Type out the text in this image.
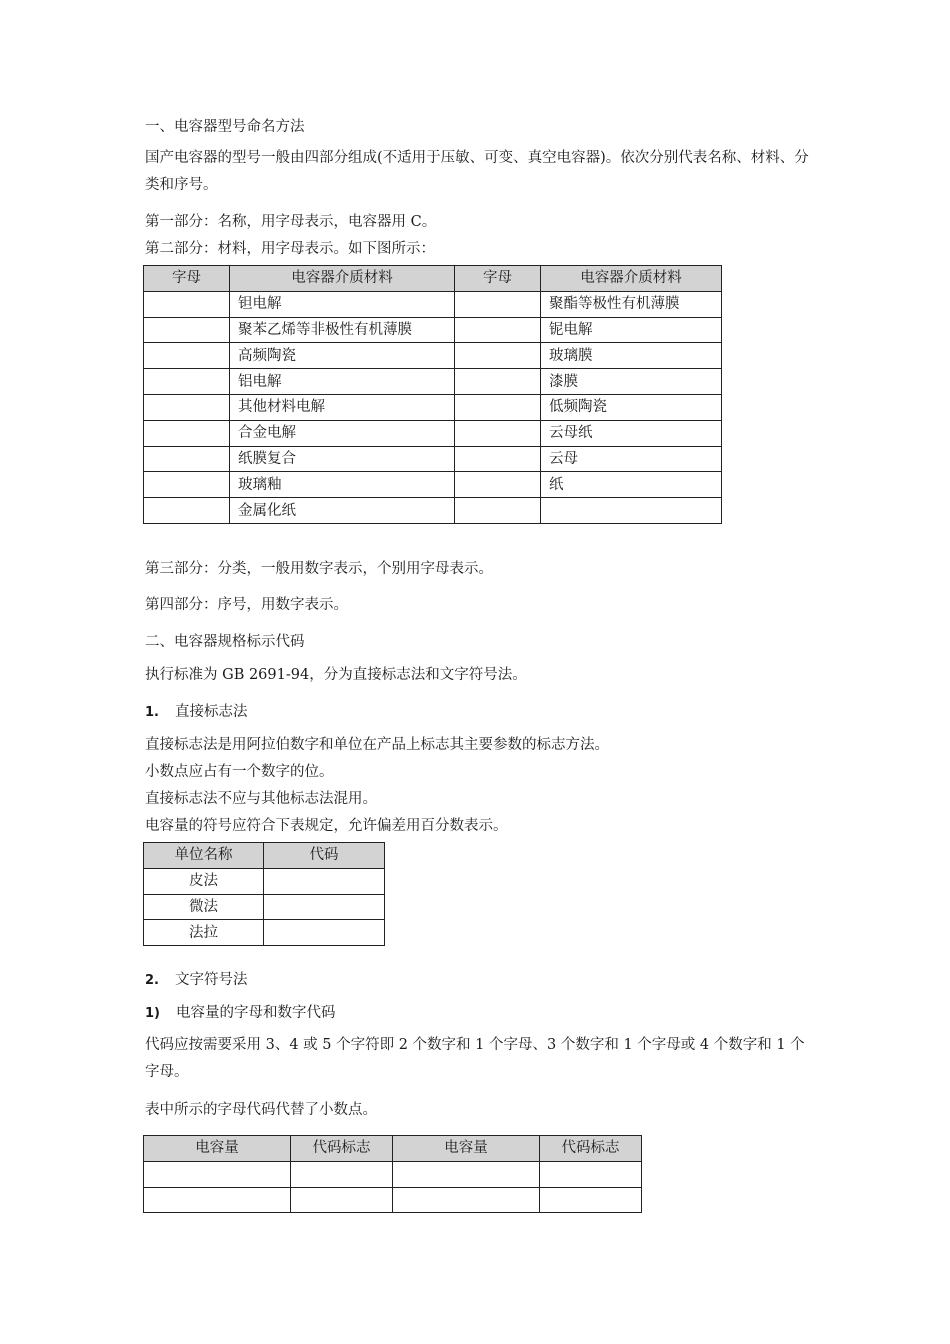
一、电容器型号命名方法
国产电容器的型号一般由四部分组成(不适用于压敏、可变、真空电容器)。依次分别代表名称、材料、分类和序号。
第一部分：名称，用字母表示，电容器用 C。
第二部分：材料，用字母表示。如下图所示：
字母	电容器介质材料	字母	电容器介质材料
	钽电解		聚酯等极性有机薄膜
	聚苯乙烯等非极性有机薄膜		铌电解
	高频陶瓷		玻璃膜
	铝电解		漆膜
	其他材料电解		低频陶瓷
	合金电解		云母纸
	纸膜复合		云母
	玻璃釉		纸
	金属化纸		
第三部分：分类，一般用数字表示，个别用字母表示。
第四部分：序号，用数字表示。
二、电容器规格标示代码
执行标准为 GB 2691-94，分为直接标志法和文字符号法。
1. 直接标志法
直接标志法是用阿拉伯数字和单位在产品上标志其主要参数的标志方法。
小数点应占有一个数字的位。
直接标志法不应与其他标志法混用。
电容量的符号应符合下表规定，允许偏差用百分数表示。
单位名称	代码
皮法	
微法	
法拉	
2. 文字符号法
1) 电容量的字母和数字代码
代码应按需要采用 3、4 或 5 个字符即 2 个数字和 1 个字母、3 个数字和 1 个字母或 4 个数字和 1 个字母。
表中所示的字母代码代替了小数点。
电容量	代码标志	电容量	代码标志
